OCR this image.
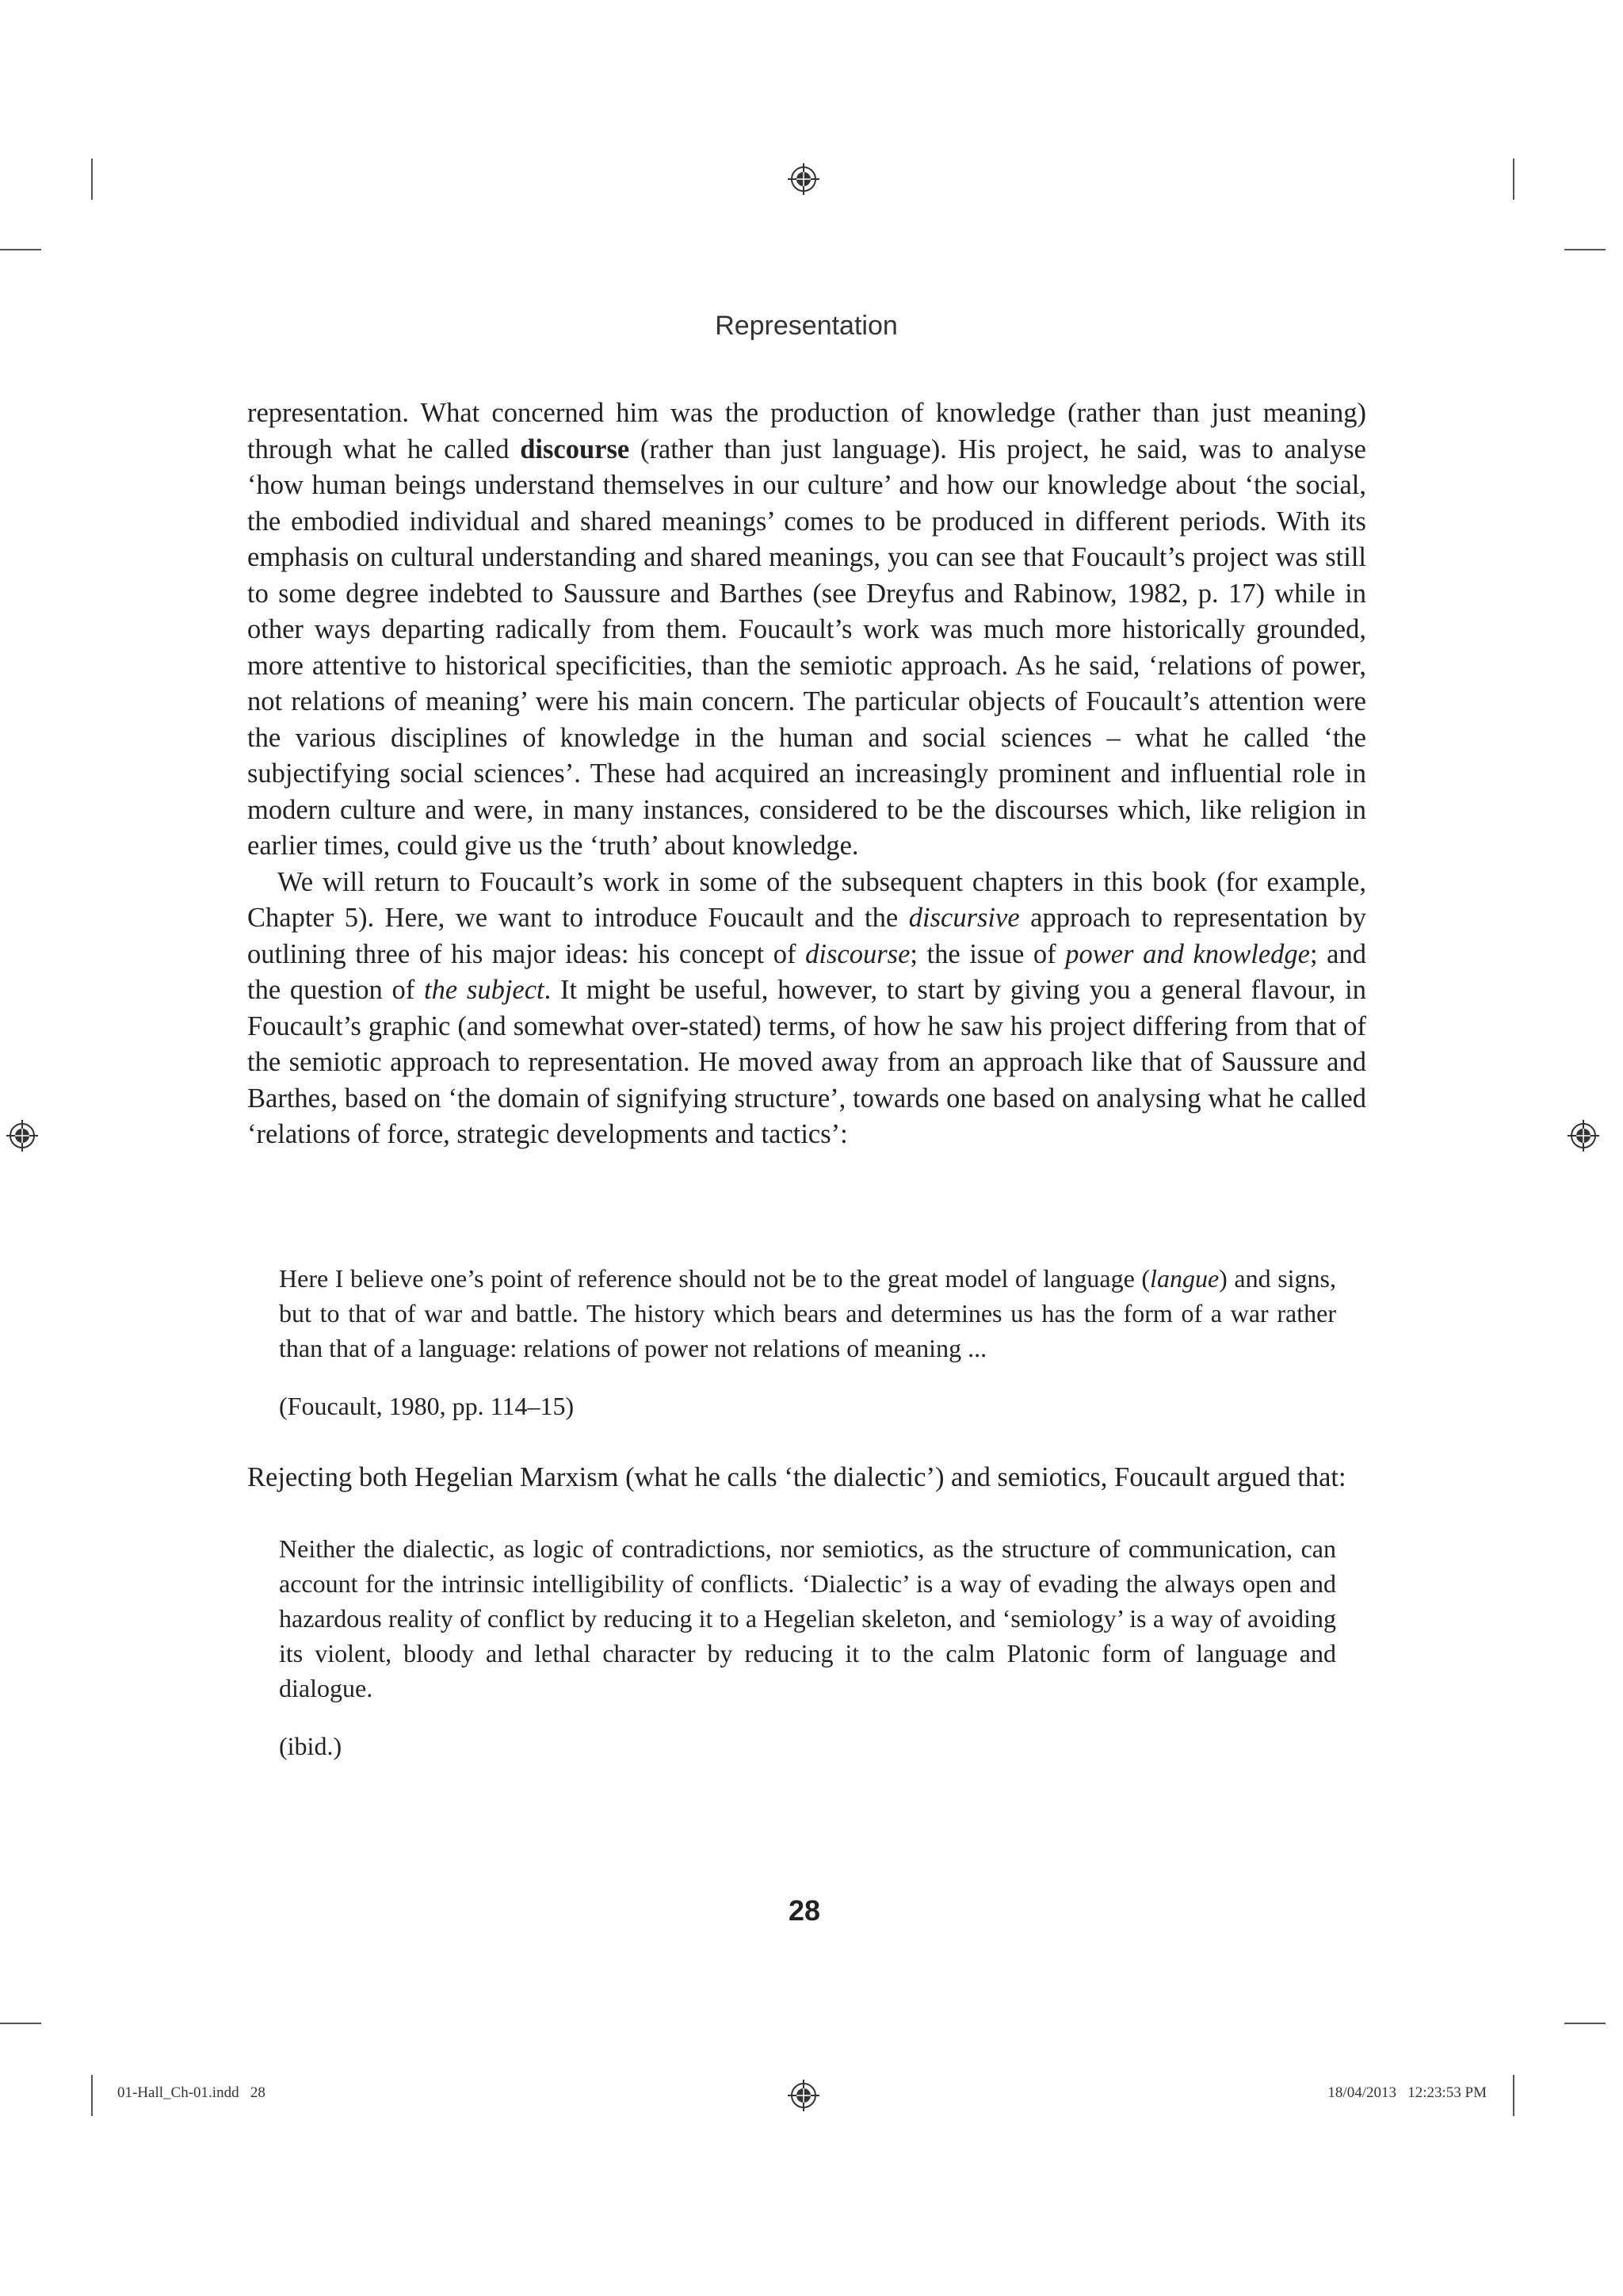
Representation

representation. What concerned him was the production of knowledge (rather than just meaning) through what he called discourse (rather than just language). His project, he said, was to analyse ‘how human beings understand themselves in our culture’ and how our knowledge about ‘the social, the embodied individual and shared meanings’ comes to be produced in different periods. With its emphasis on cultural understanding and shared meanings, you can see that Foucault’s project was still to some degree indebted to Saussure and Barthes (see Dreyfus and Rabinow, 1982, p. 17) while in other ways departing radically from them. Foucault’s work was much more historically grounded, more attentive to historical specificities, than the semiotic approach. As he said, ‘relations of power, not relations of meaning’ were his main concern. The particular objects of Foucault’s attention were the various disciplines of knowledge in the human and social sciences – what he called ‘the subjectifying social sciences’. These had acquired an increasingly prominent and influential role in modern culture and were, in many instances, considered to be the discourses which, like religion in earlier times, could give us the ‘truth’ about knowledge.

We will return to Foucault’s work in some of the subsequent chapters in this book (for example, Chapter 5). Here, we want to introduce Foucault and the discursive approach to representation by outlining three of his major ideas: his concept of discourse; the issue of power and knowledge; and the question of the subject. It might be useful, however, to start by giving you a general flavour, in Foucault’s graphic (and somewhat over-stated) terms, of how he saw his project differing from that of the semiotic approach to representation. He moved away from an approach like that of Saussure and Barthes, based on ‘the domain of signifying structure’, towards one based on analysing what he called ‘relations of force, strategic developments and tactics’:

Here I believe one’s point of reference should not be to the great model of language (langue) and signs, but to that of war and battle. The history which bears and determines us has the form of a war rather than that of a language: relations of power not relations of meaning ...

(Foucault, 1980, pp. 114–15)
Rejecting both Hegelian Marxism (what he calls ‘the dialectic’) and semiotics, Foucault argued that:

Neither the dialectic, as logic of contradictions, nor semiotics, as the structure of communication, can account for the intrinsic intelligibility of conflicts. ‘Dialectic’ is a way of evading the always open and hazardous reality of conflict by reducing it to a Hegelian skeleton, and ‘semiology’ is a way of avoiding its violent, bloody and lethal character by reducing it to the calm Platonic form of language and dialogue.

(ibid.)
28
01-Hall_Ch-01.indd   28	18/04/2013   12:23:53 PM
